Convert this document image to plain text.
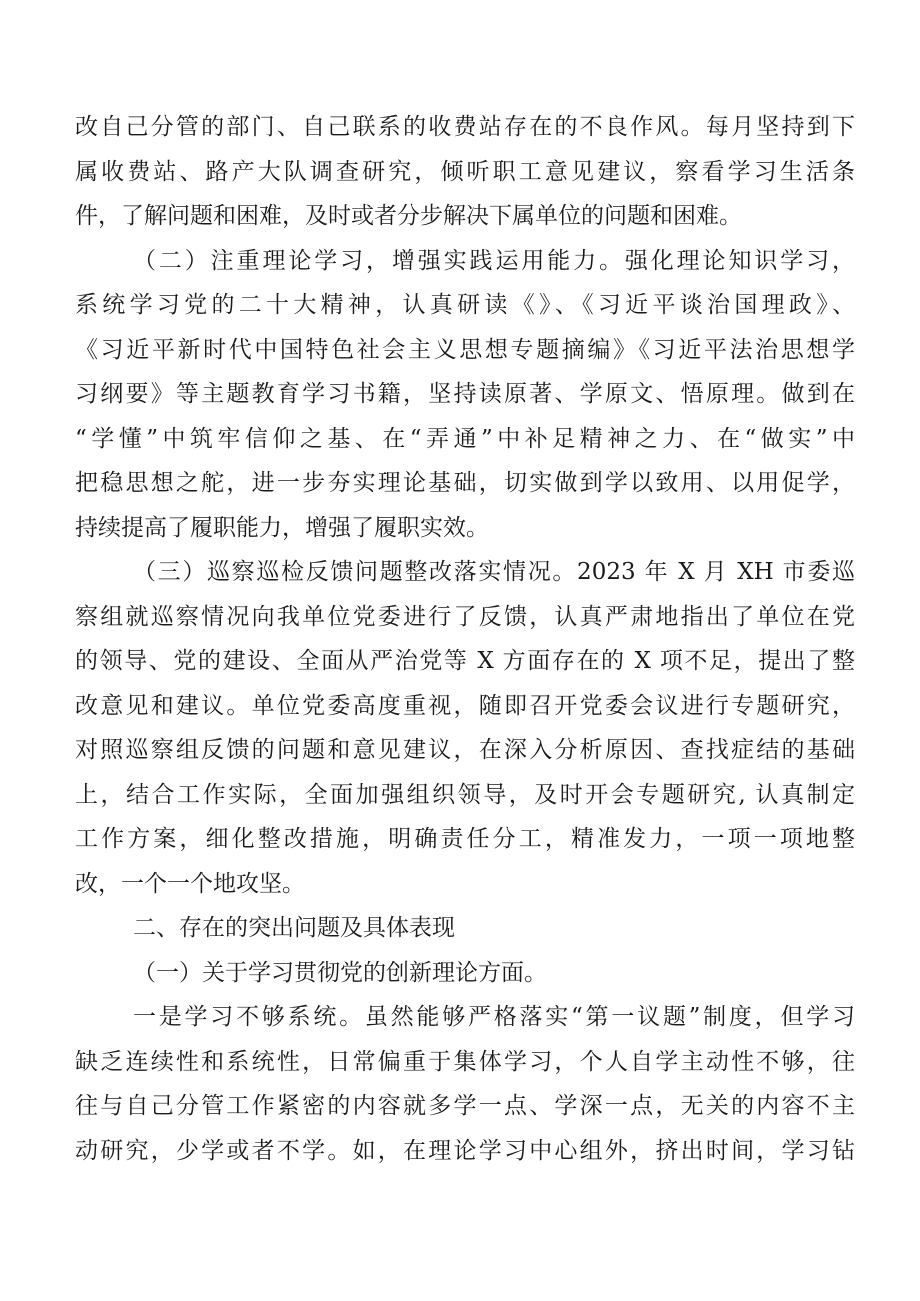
改自己分管的部门、自己联系的收费站存在的不良作风。每月坚持到下
属收费站、路产大队调查研究，倾听职工意见建议，察看学习生活条
件，了解问题和困难，及时或者分步解决下属单位的问题和困难。
（二）注重理论学习，增强实践运用能力。强化理论知识学习，
系统学习党的二十大精神，认真研读《》、《习近平谈治国理政》、
《习近平新时代中国特色社会主义思想专题摘编》《习近平法治思想学
习纲要》等主题教育学习书籍，坚持读原著、学原文、悟原理。做到在
“学懂”中筑牢信仰之基、在“弄通”中补足精神之力、在“做实”中
把稳思想之舵，进一步夯实理论基础，切实做到学以致用、以用促学，
持续提高了履职能力，增强了履职实效。
（三）巡察巡检反馈问题整改落实情况。2023 年 X 月 XH 市委巡
察组就巡察情况向我单位党委进行了反馈，认真严肃地指出了单位在党
的领导、党的建设、全面从严治党等 X 方面存在的 X 项不足，提出了整
改意见和建议。单位党委高度重视，随即召开党委会议进行专题研究，
对照巡察组反馈的问题和意见建议，在深入分析原因、查找症结的基础
上，结合工作实际，全面加强组织领导，及时开会专题研究, 认真制定
工作方案，细化整改措施，明确责任分工，精准发力，一项一项地整
改，一个一个地攻坚。
二、存在的突出问题及具体表现
（一）关于学习贯彻党的创新理论方面。
一是学习不够系统。虽然能够严格落实“第一议题”制度，但学习
缺乏连续性和系统性，日常偏重于集体学习，个人自学主动性不够，往
往与自己分管工作紧密的内容就多学一点、学深一点，无关的内容不主
动研究，少学或者不学。如，在理论学习中心组外，挤出时间，学习钻
